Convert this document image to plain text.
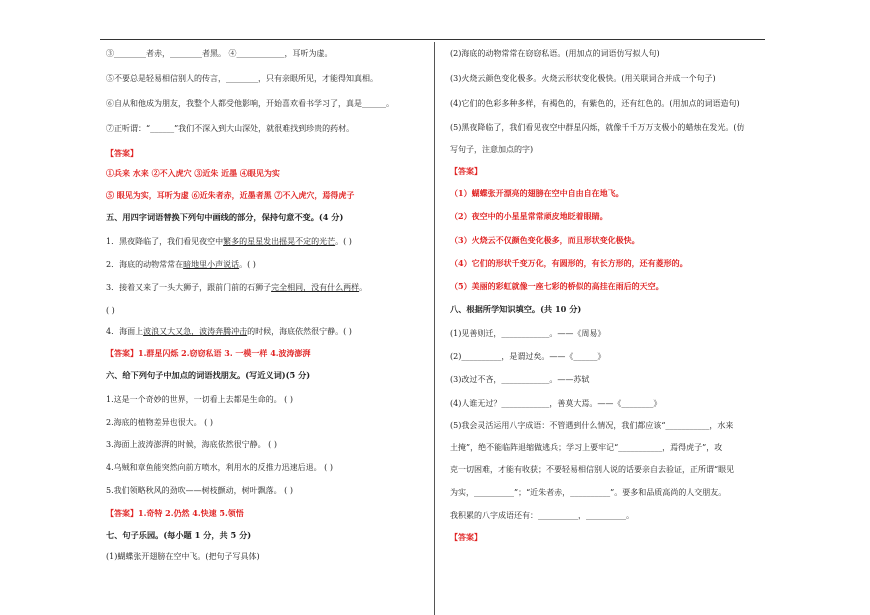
③________者赤，________者黑。 ④____________，耳听为虚。
⑤不要总是轻易相信别人的传言，________，只有亲眼所见，才能得知真相。
⑥自从和他成为朋友，我整个人都受他影响，开始喜欢看书学习了，真是______。
⑦正听谓：“______”我们不深入到大山深处，就很难找到珍贵的药材。
【答案】
①兵来 水来 ②不入虎穴 ③近朱 近墨 ④眼见为实
⑤ 眼见为实，耳听为虚 ⑥近朱者赤，近墨者黑 ⑦不入虎穴，焉得虎子
五、用四字词语替换下列句中画线的部分，保持句意不变。(4 分)
1．黑夜降临了，我们看见夜空中繁多的星星发出摇晃不定的光芒。( )
2．海底的动物常常在暗地里小声说话。( )
3．接着又来了一头大狮子，跟前门前的石狮子完全相同，没有什么两样。
( )
4．海面上波浪又大又急，波涛奔腾冲击的时候，海底依然很宁静。( )
【答案】1.群星闪烁 2.窃窃私语 3. 一模一样 4.波涛澎湃
六、给下列句子中加点的词语找朋友。(写近义词)(5 分)
1.这是一个奇妙的世界，一切看上去都是生命的。 ( )
2.海底的植物差异也很大。 ( )
3.海面上波涛澎湃的时候，海底依然很宁静。 ( )
4.乌贼和章鱼能突然向前方喷水，利用水的反推力迅速后退。 ( )
5.我们领略秋风的劲吹——树枝颤动，树叶飘落。 ( )
【答案】1.奇特 2.仍然 4.快速 5.领悟
七、句子乐园。(每小题 1 分，共 5 分)
(1)蝴蝶张开翅膀在空中飞。(把句子写具体)
(2)海底的动物常常在窃窃私语。(用加点的词语仿写拟人句)
(3)火烧云颜色变化极多。火烧云形状变化极快。(用关联词合并成一个句子)
(4)它们的色彩多种多样，有褐色的，有紫色的，还有红色的。(用加点的词语造句)
(5)黑夜降临了，我们看见夜空中群星闪烁，就像千千万万支极小的蜡烛在发光。(仿
写句子，注意加点的字)
【答案】
（1）蝴蝶张开漂亮的翅膀在空中自由自在地飞。
（2）夜空中的小星星常常顽皮地眨着眼睛。
（3）火烧云不仅颜色变化极多，而且形状变化极快。
（4）它们的形状千变万化，有圆形的，有长方形的，还有菱形的。
（5）美丽的彩虹就像一座七彩的桥似的高挂在雨后的天空。
八、根据所学知识填空。(共 10 分)
(1)见善则迁，____________。——《周易》
(2)__________，是谓过矣。——《______》
(3)改过不吝，____________。——苏轼
(4)人谁无过？____________，善莫大焉。——《________》
(5)我会灵活运用八字成语：不管遇到什么情况，我们都应该“___________，水来
土掩”，绝不能临阵退缩做逃兵；学习上要牢记“___________，焉得虎子”，攻
克一切困难，才能有收获；不要轻易相信别人说的话要亲自去验证，正所谓“眼见
为实，__________”；“近朱者赤，__________”。要多和品质高尚的人交朋友。
我积累的八字成语还有：__________，__________。
【答案】
